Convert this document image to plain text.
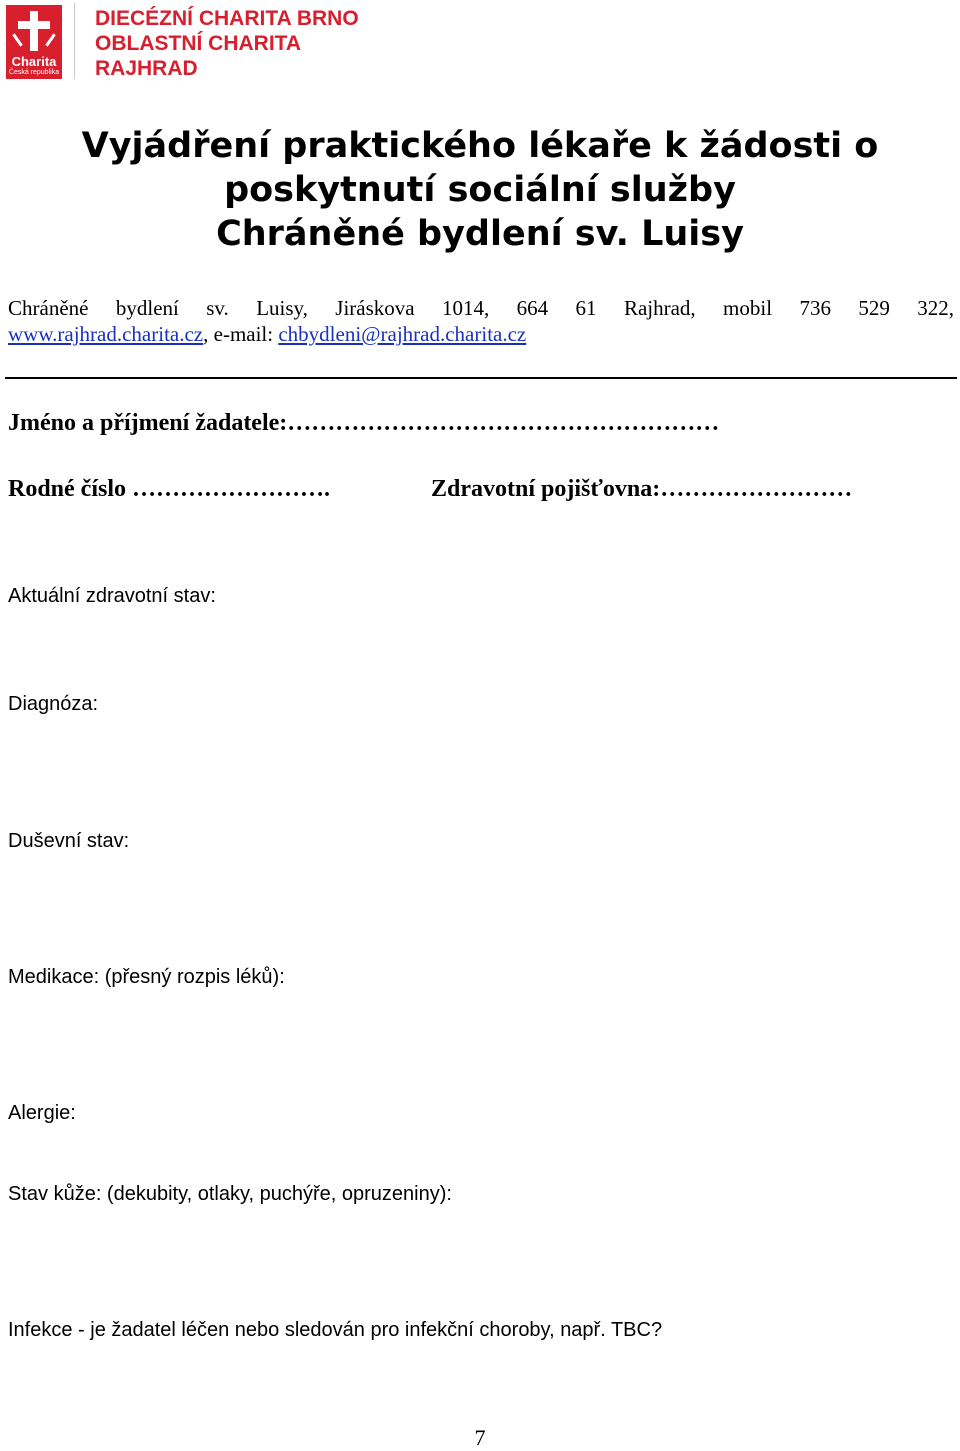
Charita
Česká republika
DIECÉZNÍ CHARITA BRNO
OBLASTNÍ CHARITA
RAJHRAD
Vyjádření praktického lékaře k žádosti o
poskytnutí sociální služby
Chráněné bydlení sv. Luisy
Chráněné bydlení sv. Luisy, Jiráskova 1014, 664 61 Rajhrad, mobil 736 529 322,
www.rajhrad.charita.cz, e-mail: chbydleni@rajhrad.charita.cz
Jméno a příjmení žadatele:………………………………………………
Rodné číslo …………………….	Zdravotní pojišťovna:……………………
Aktuální zdravotní stav:
Diagnóza:
Duševní stav:
Medikace: (přesný rozpis léků):
Alergie:
Stav kůže: (dekubity, otlaky, puchýře, opruzeniny):
Infekce - je žadatel léčen nebo sledován pro infekční choroby, např. TBC?
7
